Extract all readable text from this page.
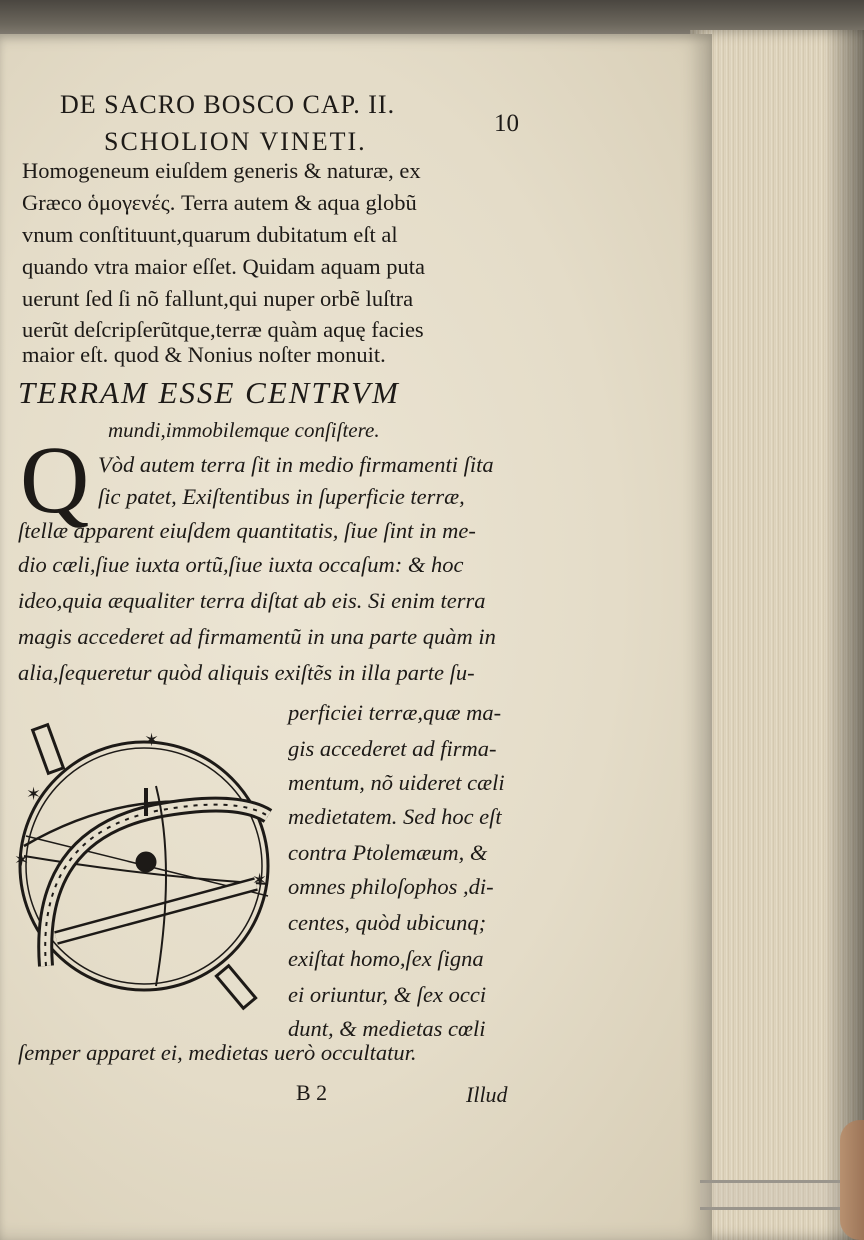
DE SACRO BOSCO CAP. II.
10
SCHOLION VINETI.
Homogeneum eiuſdem generis & naturæ, ex
Græco ὁμογενές. Terra autem & aqua globũ
vnum conſtituunt,quarum dubitatum eſt al
quando vtra maior eſſet. Quidam aquam puta
uerunt ſed ſi nõ fallunt,qui nuper orbẽ luſtra
uerũt deſcripſerũtque,terræ quàm aquę facies
maior eſt. quod & Nonius noſter monuit.
TERRAM ESSE CENTRVM
mundi,immobilemque conſiſtere.
Q Vòd autem terra ſit in medio firmamenti ſita
ſic patet, Exiſtentibus in ſuperficie terræ,
ſtellæ apparent eiuſdem quantitatis, ſiue ſint in me-
dio cæli,ſiue iuxta ortũ,ſiue iuxta occaſum: & hoc
ideo,quia æqualiter terra diſtat ab eis. Si enim terra
magis accederet ad firmamentũ in una parte quàm in
alia,ſequeretur quòd aliquis exiſtẽs in illa parte ſu-
perficiei terræ,quæ ma-
gis accederet ad firma-
mentum, nõ uideret cæli
medietatem. Sed hoc eſt
contra Ptolemæum, &
omnes philoſophos ,di-
centes, quòd ubicunq;
exiſtat homo,ſex ſigna
ei oriuntur, & ſex occi
dunt, & medietas cœli
ſemper apparet ei, medietas uerò occultatur.
B 2	Illud
✶
✶
✶
✶
